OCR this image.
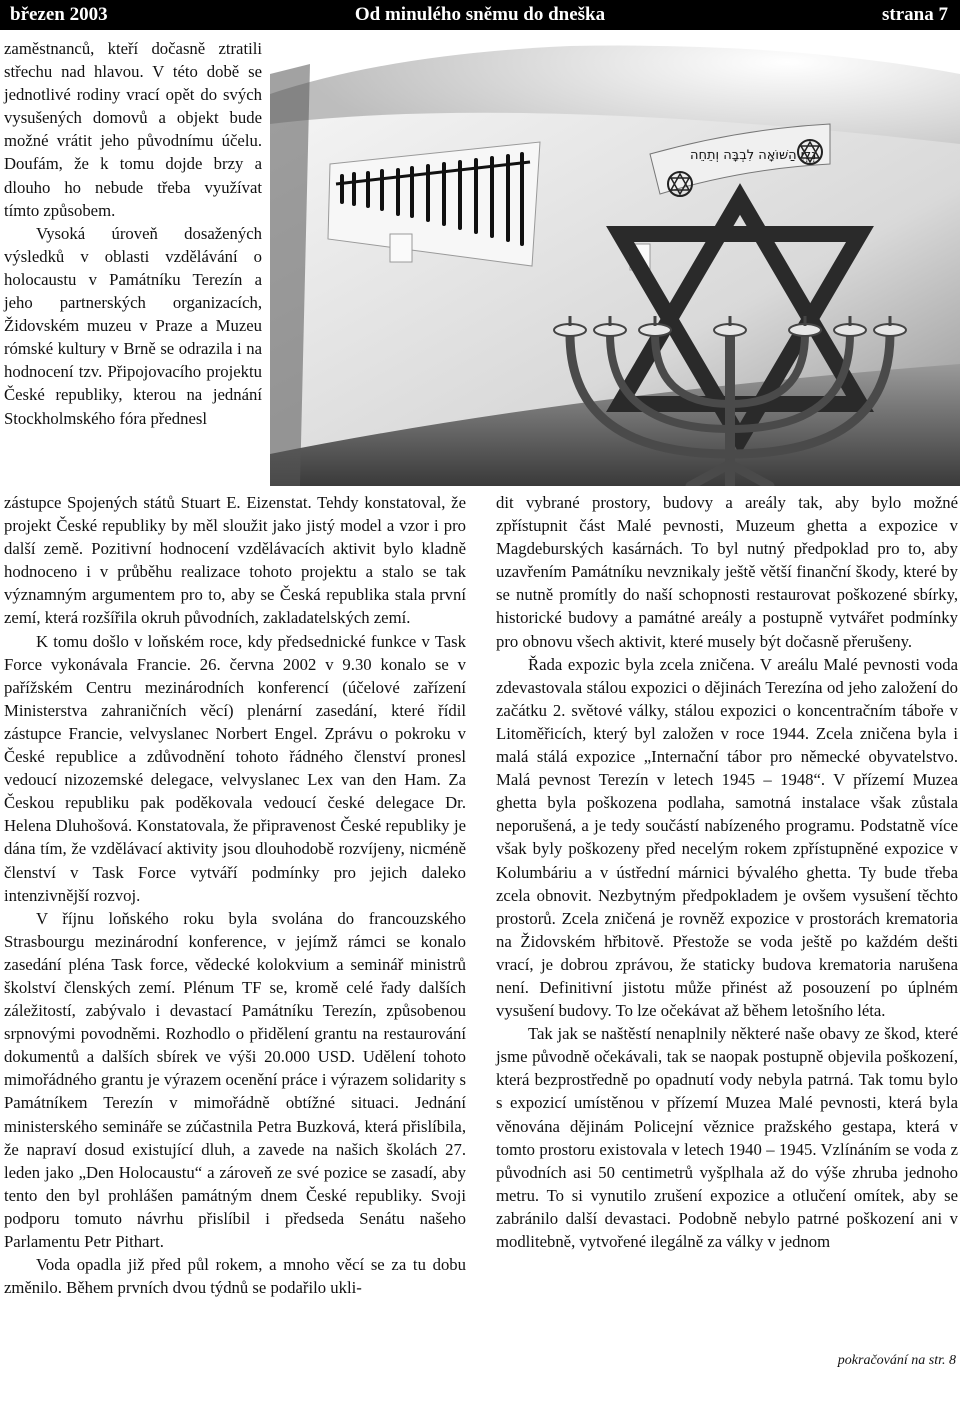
březen 2003	Od minulého sněmu do dneška	strana 7
נְלְיֶ הַשּׁוֹאָה לִבְבָּה וְתֵחֵה

zaměstnanců, kteří dočasně ztratili střechu nad hlavou. V této době se jednotlivé rodiny vrací opět do svých vysušených domovů a objekt bude možné vrátit jeho původnímu účelu. Doufám, že k tomu dojde brzy a dlouho ho nebude třeba využívat tímto způsobem.

Vysoká úroveň dosažených výsledků v oblasti vzdělávání o holocaustu v Památníku Terezín a jeho partnerských organizacích, Židovském muzeu v Praze a Muzeu rómské kultury v Brně se odrazila i na hodnocení tzv. Připojovacího projektu České republiky, kterou na jednání Stockholmského fóra přednesl

zástupce Spojených států Stuart E. Eizenstat. Tehdy konstatoval, že projekt České republiky by měl sloužit jako jistý model a vzor i pro další země. Pozitivní hodnocení vzdělávacích aktivit bylo kladně hodnoceno i v průběhu realizace tohoto projektu a stalo se tak významným argumentem pro to, aby se Česká republika stala první zemí, která rozšířila okruh původních, zakladatelských zemí.

K tomu došlo v loňském roce, kdy předsednické funkce v Task Force vykonávala Francie. 26. června 2002 v 9.30 konalo se v pařížském Centru mezinárodních konferencí (účelové zařízení Ministerstva zahraničních věcí) plenární zasedání, které řídil zástupce Francie, velvyslanec Norbert Engel. Zprávu o pokroku v České republice a zdůvodnění tohoto řádného členství pronesl vedoucí nizozemské delegace, velvyslanec Lex van den Ham. Za Českou republiku pak poděkovala vedoucí české delegace Dr. Helena Dluhošová. Konstatovala, že připravenost České republiky je dána tím, že vzdělávací aktivity jsou dlouhodobě rozvíjeny, nicméně členství v Task Force vytváří podmínky pro jejich daleko intenzivnější rozvoj.

V říjnu loňského roku byla svolána do francouzského Strasbourgu mezinárodní konference, v jejímž rámci se konalo zasedání pléna Task force, vědecké kolokvium a seminář ministrů školství členských zemí. Plénum TF se, kromě celé řady dalších záležitostí, zabývalo i devastací Památníku Terezín, způsobenou srpnovými povodněmi. Rozhodlo o přidělení grantu na restaurování dokumentů a dalších sbírek ve výši 20.000 USD. Udělení tohoto mimořádného grantu je výrazem ocenění práce i výrazem solidarity s Památníkem Terezín v mimořádně obtížné situaci. Jednání ministerského semináře se zúčastnila Petra Buzková, která přislíbila, že napraví dosud existující dluh, a zavede na našich školách 27. leden jako „Den Holocaustu“ a zároveň ze své pozice se zasadí, aby tento den byl prohlášen památným dnem České republiky. Svoji podporu tomuto návrhu přislíbil i předseda Senátu našeho Parlamentu Petr Pithart.

Voda opadla již před půl rokem, a mnoho věcí se za tu dobu změnilo. Během prvních dvou týdnů se podařilo ukli-

dit vybrané prostory, budovy a areály tak, aby bylo možné zpřístupnit část Malé pevnosti, Muzeum ghetta a expozice v Magdeburských kasárnách. To byl nutný předpoklad pro to, aby uzavřením Památníku nevznikaly ještě větší finanční škody, které by se nutně promítly do naší schopnosti restaurovat poškozené sbírky, historické budovy a památné areály a postupně vytvářet podmínky pro obnovu všech aktivit, které musely být dočasně přerušeny.

Řada expozic byla zcela zničena. V areálu Malé pevnosti voda zdevastovala stálou expozici o dějinách Terezína od jeho založení do začátku 2. světové války, stálou expozici o koncentračním táboře v Litoměřicích, který byl založen v roce 1944. Zcela zničena byla i malá stálá expozice „Internační tábor pro německé obyvatelstvo. Malá pevnost Terezín v letech 1945 – 1948“. V přízemí Muzea ghetta byla poškozena podlaha, samotná instalace však zůstala neporušená, a je tedy součástí nabízeného programu. Podstatně více však byly poškozeny před necelým rokem zpřístupněné expozice v Kolumbáriu a v ústřední márnici bývalého ghetta. Ty bude třeba zcela obnovit. Nezbytným předpokladem je ovšem vysušení těchto prostorů. Zcela zničená je rovněž expozice v prostorách krematoria na Židovském hřbitově. Přestože se voda ještě po každém dešti vrací, je dobrou zprávou, že staticky budova krematoria narušena není. Definitivní jistotu může přinést až posouzení po úplném vysušení budovy. To lze očekávat až během letošního léta.

Tak jak se naštěstí nenaplnily některé naše obavy ze škod, které jsme původně očekávali, tak se naopak postupně objevila poškození, která bezprostředně po opadnutí vody nebyla patrná. Tak tomu bylo s expozicí umístěnou v přízemí Muzea Malé pevnosti, která byla věnována dějinám Policejní věznice pražského gestapa, která v tomto prostoru existovala v letech 1940 – 1945. Vzlínáním se voda z původních asi 50 centimetrů vyšplhala až do výše zhruba jednoho metru. To si vynutilo zrušení expozice a otlučení omítek, aby se zabránilo další devastaci. Podobně nebylo patrné poškození ani v modlitebně, vytvořené ilegálně za války v jednom

pokračování na str. 8
